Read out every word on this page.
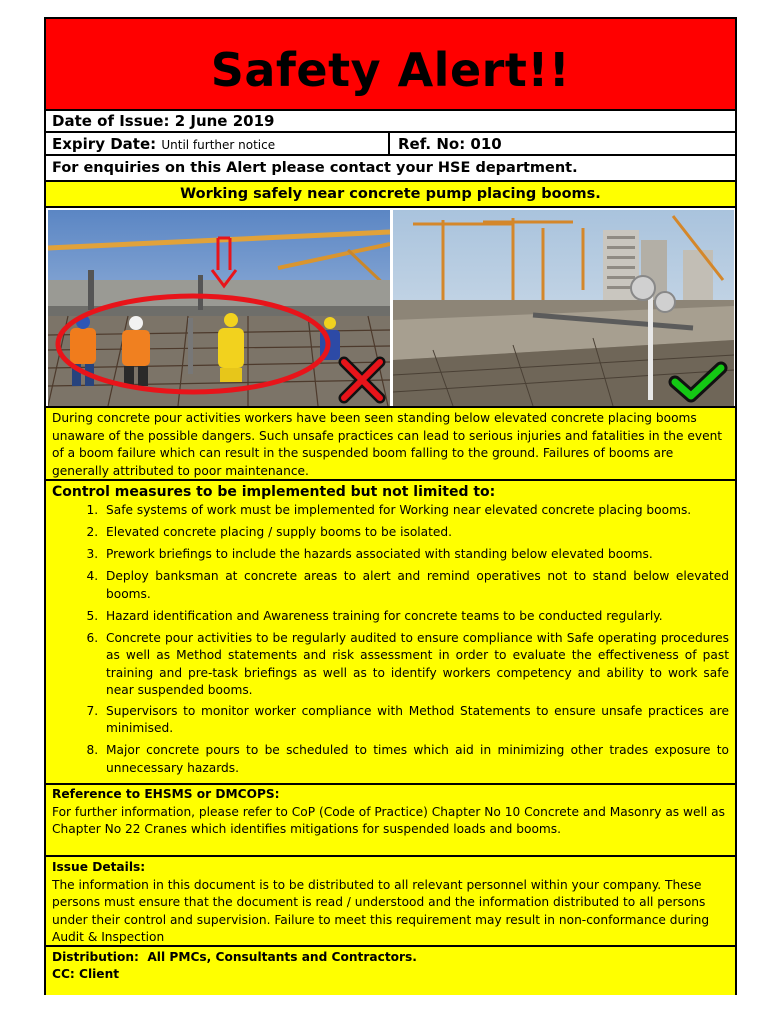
Safety Alert!!
Date of Issue: 2 June 2019
Expiry Date: Until further notice	Ref. No: 010
For enquiries on this Alert please contact your HSE department.
Working safely near concrete pump placing booms.
During concrete pour activities workers have been seen standing below elevated concrete placing booms unaware of the possible dangers. Such unsafe practices can lead to serious injuries and fatalities in the event of a boom failure which can result in the suspended boom falling to the ground. Failures of booms are generally attributed to poor maintenance.
Control measures to be implemented but not limited to:
1. Safe systems of work must be implemented for Working near elevated concrete placing booms.
2. Elevated concrete placing / supply booms to be isolated.
3. Prework briefings to include the hazards associated with standing below elevated booms.
4. Deploy banksman at concrete areas to alert and remind operatives not to stand below elevated booms.
5. Hazard identification and Awareness training for concrete teams to be conducted regularly.
6. Concrete pour activities to be regularly audited to ensure compliance with Safe operating procedures as well as Method statements and risk assessment in order to evaluate the effectiveness of past training and pre-task briefings as well as to identify workers competency and ability to work safe near suspended booms.
7. Supervisors to monitor worker compliance with Method Statements to ensure unsafe practices are minimised.
8. Major concrete pours to be scheduled to times which aid in minimizing other trades exposure to unnecessary hazards.
Reference to EHSMS or DMCOPS:
For further information, please refer to CoP (Code of Practice) Chapter No 10 Concrete and Masonry as well as Chapter No 22 Cranes which identifies mitigations for suspended loads and booms.
Issue Details:
The information in this document is to be distributed to all relevant personnel within your company. These persons must ensure that the document is read / understood and the information distributed to all persons under their control and supervision. Failure to meet this requirement may result in non-conformance during Audit & Inspection
Distribution:  All PMCs, Consultants and Contractors.
CC: Client
